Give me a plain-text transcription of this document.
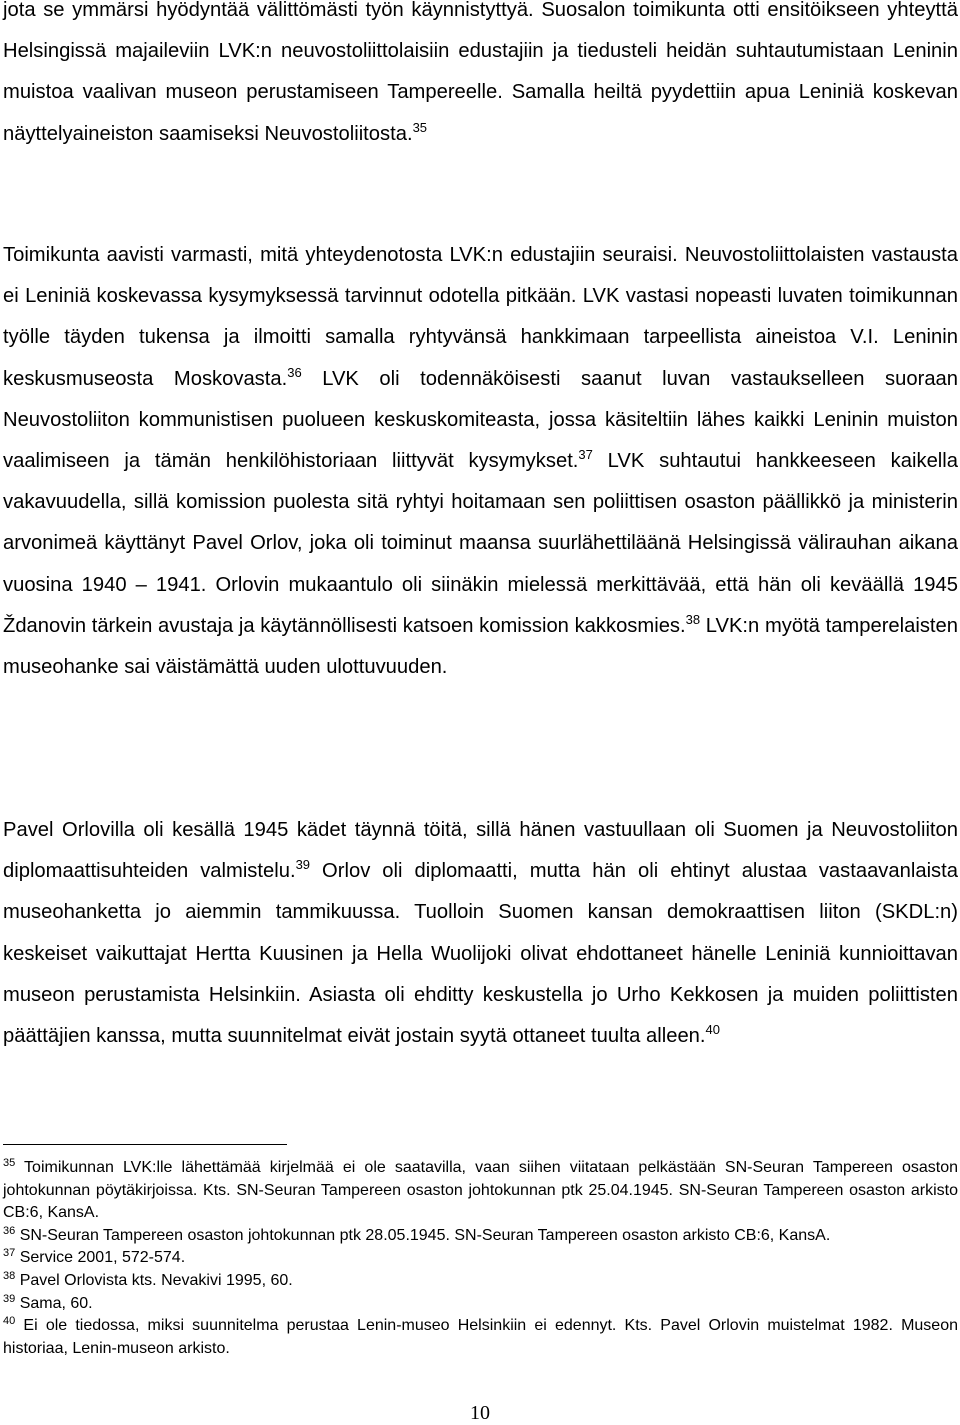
jota se ymmärsi hyödyntää välittömästi työn käynnistyttyä. Suosalon toimikunta otti ensitöikseen yhteyttä Helsingissä majaileviin LVK:n neuvostoliittolaisiin edustajiin ja tiedusteli heidän suhtautumistaan Leninin muistoa vaalivan museon perustamiseen Tampereelle. Samalla heiltä pyydettiin apua Leniniä koskevan näyttelyaineiston saamiseksi Neuvostoliitosta.$^{35}$

Toimikunta aavisti varmasti, mitä yhteydenotosta LVK:n edustajiin seuraisi. Neuvostoliittolaisten vastausta ei Leniniä koskevassa kysymyksessä tarvinnut odotella pitkään. LVK vastasi nopeasti luvaten toimikunnan työlle täyden tukensa ja ilmoitti samalla ryhtyvänsä hankkimaan tarpeellista aineistoa V.I. Leninin keskusmuseosta Moskovasta.$^{36}$ LVK oli todennäköisesti saanut luvan vastaukselleen suoraan Neuvostoliiton kommunistisen puolueen keskuskomiteasta, jossa käsiteltiin lähes kaikki Leninin muiston vaalimiseen ja tämän henkilöhistoriaan liittyvät kysymykset.$^{37}$ LVK suhtautui hankkeeseen kaikella vakavuudella, sillä komission puolesta sitä ryhtyi hoitamaan sen poliittisen osaston päällikkö ja ministerin arvonimeä käyttänyt Pavel Orlov, joka oli toiminut maansa suurlähettiläänä Helsingissä välirauhan aikana vuosina 1940 – 1941. Orlovin mukaantulo oli siinäkin mielessä merkittävää, että hän oli keväällä 1945 Ždanovin tärkein avustaja ja käytännöllisesti katsoen komission kakkosmies.$^{38}$ LVK:n myötä tamperelaisten museohanke sai väistämättä uuden ulottuvuuden.

Pavel Orlovilla oli kesällä 1945 kädet täynnä töitä, sillä hänen vastuullaan oli Suomen ja Neuvostoliiton diplomaattisuhteiden valmistelu.$^{39}$ Orlov oli diplomaatti, mutta hän oli ehtinyt alustaa vastaavanlaista museohanketta jo aiemmin tammikuussa. Tuolloin Suomen kansan demokraattisen liiton (SKDL:n) keskeiset vaikuttajat Hertta Kuusinen ja Hella Wuolijoki olivat ehdottaneet hänelle Leniniä kunnioittavan museon perustamista Helsinkiin. Asiasta oli ehditty keskustella jo Urho Kekkosen ja muiden poliittisten päättäjien kanssa, mutta suunnitelmat eivät jostain syytä ottaneet tuulta alleen.$^{40}$

$^{35}$ Toimikunnan LVK:lle lähettämää kirjelmää ei ole saatavilla, vaan siihen viitataan pelkästään SN-Seuran Tampereen osaston johtokunnan pöytäkirjoissa. Kts. SN-Seuran Tampereen osaston johtokunnan ptk 25.04.1945. SN-Seuran Tampereen osaston arkisto CB:6, KansA.

$^{36}$ SN-Seuran Tampereen osaston johtokunnan ptk 28.05.1945. SN-Seuran Tampereen osaston arkisto CB:6, KansA.

$^{37}$ Service 2001, 572-574.

$^{38}$ Pavel Orlovista kts. Nevakivi 1995, 60.

$^{39}$ Sama, 60.

$^{40}$ Ei ole tiedossa, miksi suunnitelma perustaa Lenin-museo Helsinkiin ei edennyt. Kts. Pavel Orlovin muistelmat 1982. Museon historiaa, Lenin-museon arkisto.

10
